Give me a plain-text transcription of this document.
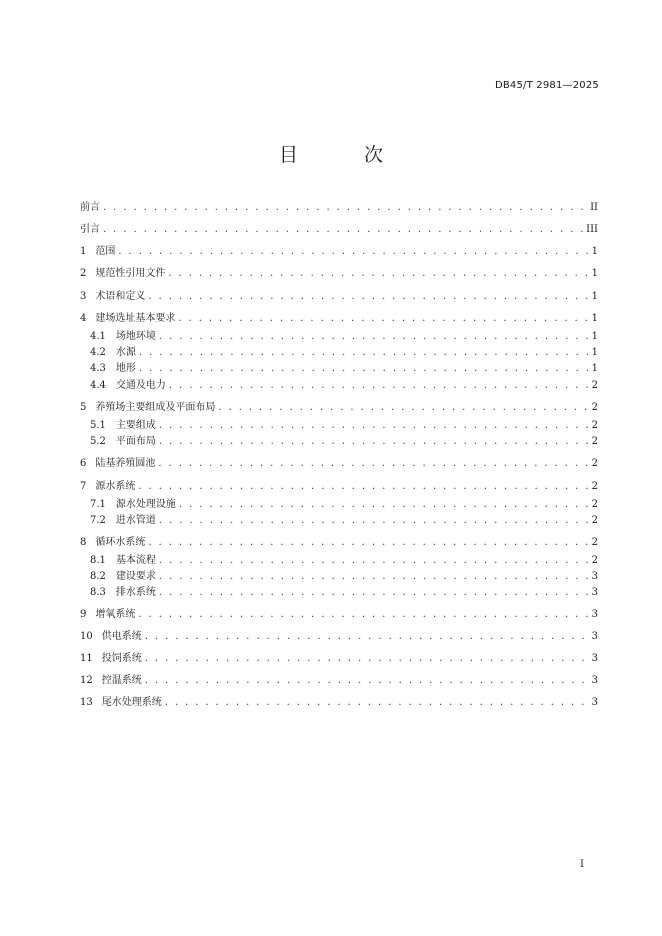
DB45/T 2981—2025
目 次
前言 . . .	II
引言 . . .	III
1 范围 . . .	1
2 规范性引用文件 . . .	1
3 术语和定义 . . .	1
4 建场选址基本要求 . . .	1
4.1 场地环境 . . .	1
4.2 水源 . . .	1
4.3 地形 . . .	1
4.4 交通及电力 . . .	2
5 养殖场主要组成及平面布局 . . .	2
5.1 主要组成 . . .	2
5.2 平面布局 . . .	2
6 陆基养殖圆池 . . .	2
7 源水系统 . . .	2
7.1 源水处理设施 . . .	2
7.2 进水管道 . . .	2
8 循环水系统 . . .	2
8.1 基本流程 . . .	2
8.2 建设要求 . . .	3
8.3 排水系统 . . .	3
9 增氧系统 . . .	3
10 供电系统 . . .	3
11 投饲系统 . . .	3
12 控温系统 . . .	3
13 尾水处理系统 . . .	3
I
